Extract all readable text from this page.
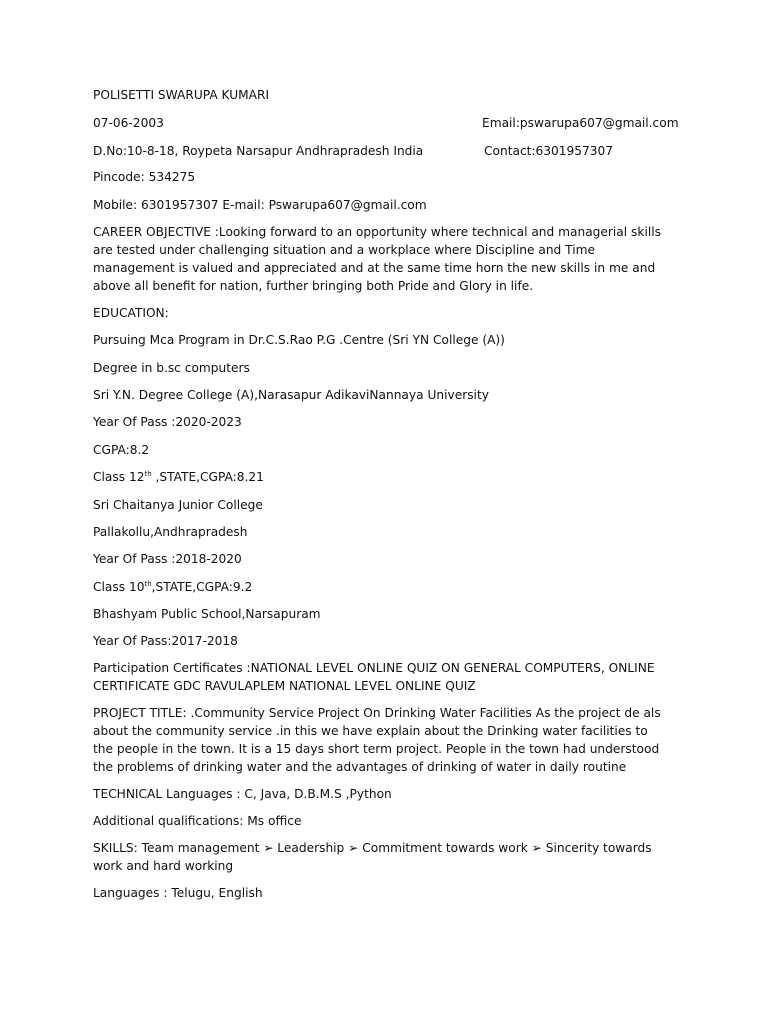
POLISETTI SWARUPA KUMARI
07-06-2003	Email:pswarupa607@gmail.com
D.No:10-8-18, Roypeta Narsapur Andhrapradesh India	Contact:6301957307
Pincode: 534275
Mobile: 6301957307 E-mail: Pswarupa607@gmail.com
CAREER OBJECTIVE :Looking forward to an opportunity where technical and managerial skills are tested under challenging situation and a workplace where Discipline and Time management is valued and appreciated and at the same time horn the new skills in me and above all benefit for nation, further bringing both Pride and Glory in life.
EDUCATION:
Pursuing Mca Program in Dr.C.S.Rao P.G .Centre (Sri YN College (A))
Degree in b.sc computers
Sri Y.N. Degree College (A),Narasapur AdikaviNannaya University
Year Of Pass :2020-2023
CGPA:8.2
Class 12th ,STATE,CGPA:8.21
Sri Chaitanya Junior College
Pallakollu,Andhrapradesh
Year Of Pass :2018-2020
Class 10th,STATE,CGPA:9.2
Bhashyam Public School,Narsapuram
Year Of Pass:2017-2018
Participation Certificates :NATIONAL LEVEL ONLINE QUIZ ON GENERAL COMPUTERS, ONLINE CERTIFICATE GDC RAVULAPLEM NATIONAL LEVEL ONLINE QUIZ
PROJECT TITLE: .Community Service Project On Drinking Water Facilities As the project de als about the community service .in this we have explain about the Drinking water facilities to the people in the town. It is a 15 days short term project. People in the town had understood the problems of drinking water and the advantages of drinking of water in daily routine
TECHNICAL Languages : C, Java, D.B.M.S ,Python
Additional qualifications: Ms office
SKILLS: Team management ➢ Leadership ➢ Commitment towards work ➢ Sincerity towards work and hard working
Languages : Telugu, English
